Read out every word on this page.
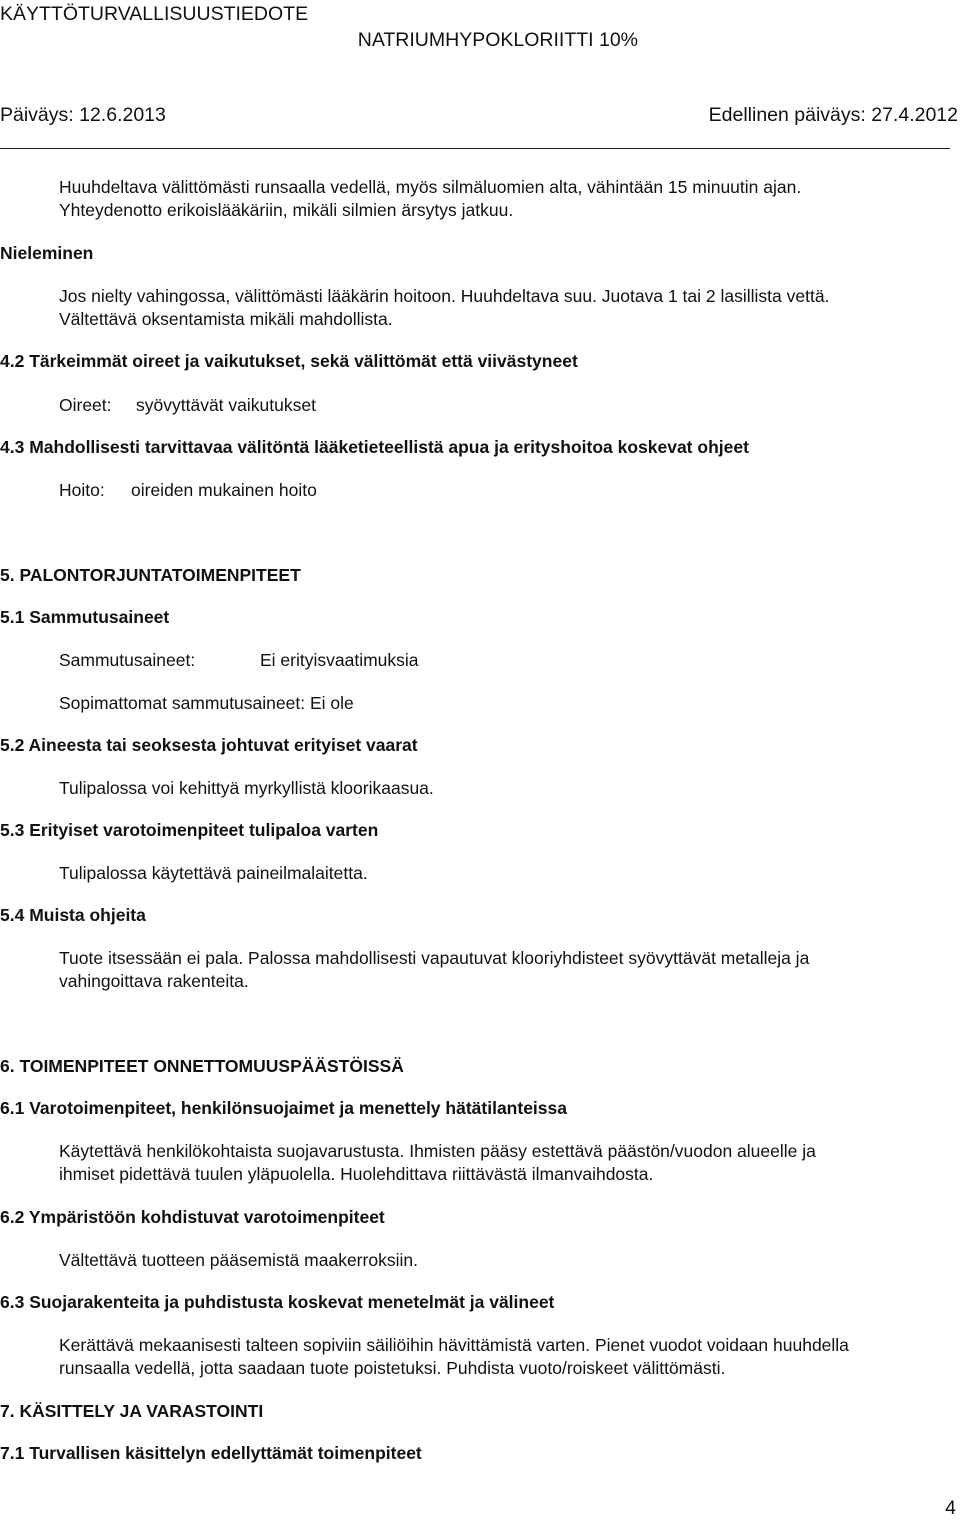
KÄYTTÖTURVALLISUUSTIEDOTE
NATRIUMHYPOKLORIITTI 10%
Päiväys: 12.6.2013	Edellinen päiväys: 27.4.2012
Huuhdeltava välittömästi runsaalla vedellä, myös silmäluomien alta, vähintään 15 minuutin ajan.
Yhteydenotto erikoislääkäriin, mikäli silmien ärsytys jatkuu.
Nieleminen
Jos nielty vahingossa, välittömästi lääkärin hoitoon. Huuhdeltava suu. Juotava 1 tai 2 lasillista vettä.
Vältettävä oksentamista mikäli mahdollista.
4.2 Tärkeimmät oireet ja vaikutukset, sekä välittömät että viivästyneet
Oireet: syövyttävät vaikutukset
4.3 Mahdollisesti tarvittavaa välitöntä lääketieteellistä apua ja erityshoitoa koskevat ohjeet
Hoito: oireiden mukainen hoito
5. PALONTORJUNTATOIMENPITEET
5.1 Sammutusaineet
Sammutusaineet:	Ei erityisvaatimuksia
Sopimattomat sammutusaineet: Ei ole
5.2 Aineesta tai seoksesta johtuvat erityiset vaarat
Tulipalossa voi kehittyä myrkyllistä kloorikaasua.
5.3 Erityiset varotoimenpiteet tulipaloa varten
Tulipalossa käytettävä paineilmalaitetta.
5.4 Muista ohjeita
Tuote itsessään ei pala. Palossa mahdollisesti vapautuvat klooriyhdisteet syövyttävät metalleja ja
vahingoittava rakenteita.
6. TOIMENPITEET ONNETTOMUUSPÄÄSTÖISSÄ
6.1 Varotoimenpiteet, henkilönsuojaimet ja menettely hätätilanteissa
Käytettävä henkilökohtaista suojavarustusta. Ihmisten pääsy estettävä päästön/vuodon alueelle ja
ihmiset pidettävä tuulen yläpuolella. Huolehdittava riittävästä ilmanvaihdosta.
6.2 Ympäristöön kohdistuvat varotoimenpiteet
Vältettävä tuotteen pääsemistä maakerroksiin.
6.3 Suojarakenteita ja puhdistusta koskevat menetelmät ja välineet
Kerättävä mekaanisesti talteen sopiviin säiliöihin hävittämistä varten. Pienet vuodot voidaan huuhdella
runsaalla vedellä, jotta saadaan tuote poistetuksi. Puhdista vuoto/roiskeet välittömästi.
7. KÄSITTELY JA VARASTOINTI
7.1 Turvallisen käsittelyn edellyttämät toimenpiteet
4
